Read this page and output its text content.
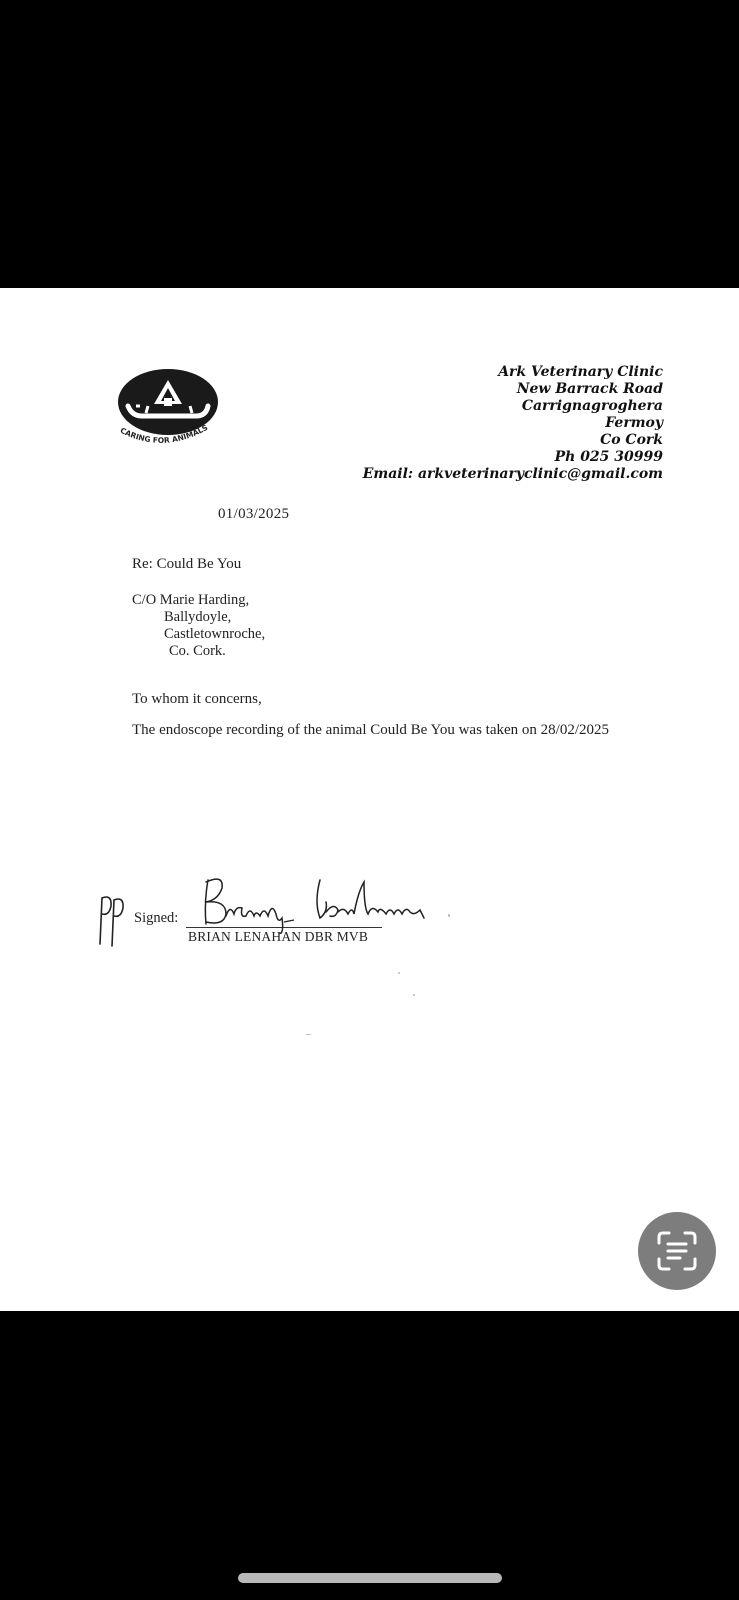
CARING FOR ANIMALS
Ark Veterinary Clinic
New Barrack Road
Carrignagroghera
Fermoy
Co Cork
Ph 025 30999
Email: arkveterinaryclinic@gmail.com
01/03/2025
Re: Could Be You
C/O Marie Harding,
Ballydoyle,
Castletownroche,
Co. Cork.
To whom it concerns,
The endoscope recording of the animal Could Be You was taken on 28/02/2025
Signed:
BRIAN LENAHAN DBR MVB
